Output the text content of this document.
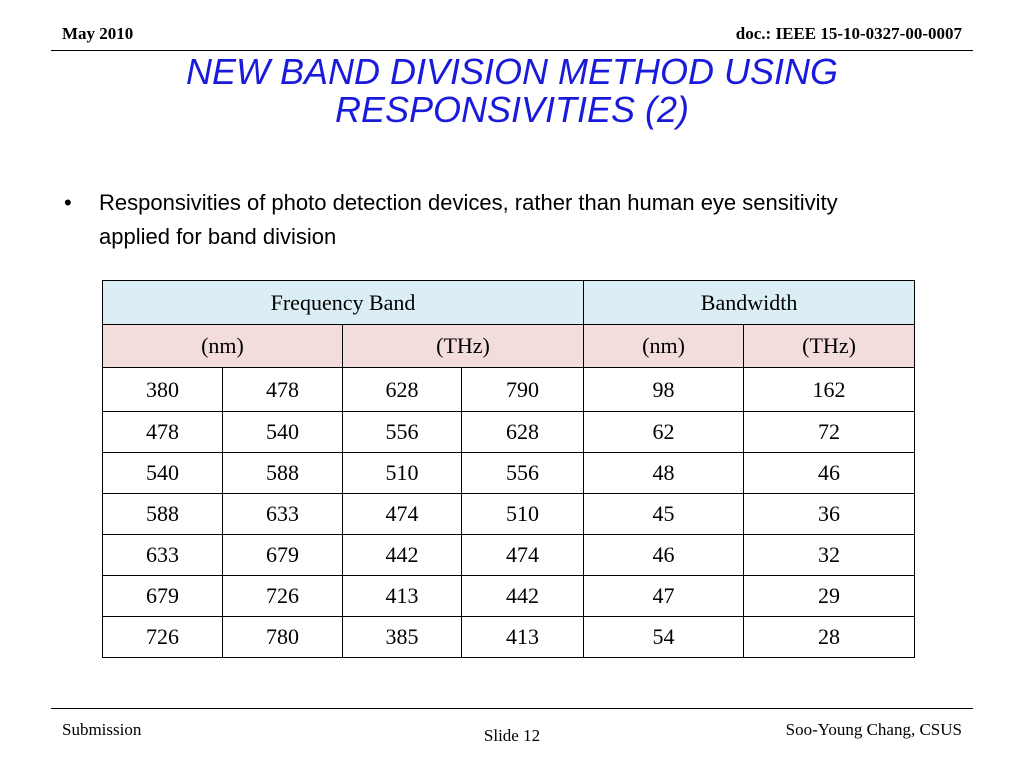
May 2010	doc.: IEEE 15-10-0327-00-0007
NEW BAND DIVISION METHOD USING
RESPONSIVITIES (2)
• Responsivities of photo detection devices, rather than human eye sensitivity applied for band division
Frequency Band				Bandwidth	
(nm)		(THz)		(nm)	(THz)
380	478	628	790	98	162
478	540	556	628	62	72
540	588	510	556	48	46
588	633	474	510	45	36
633	679	442	474	46	32
679	726	413	442	47	29
726	780	385	413	54	28
Submission	Slide 12	Soo-Young Chang, CSUS
